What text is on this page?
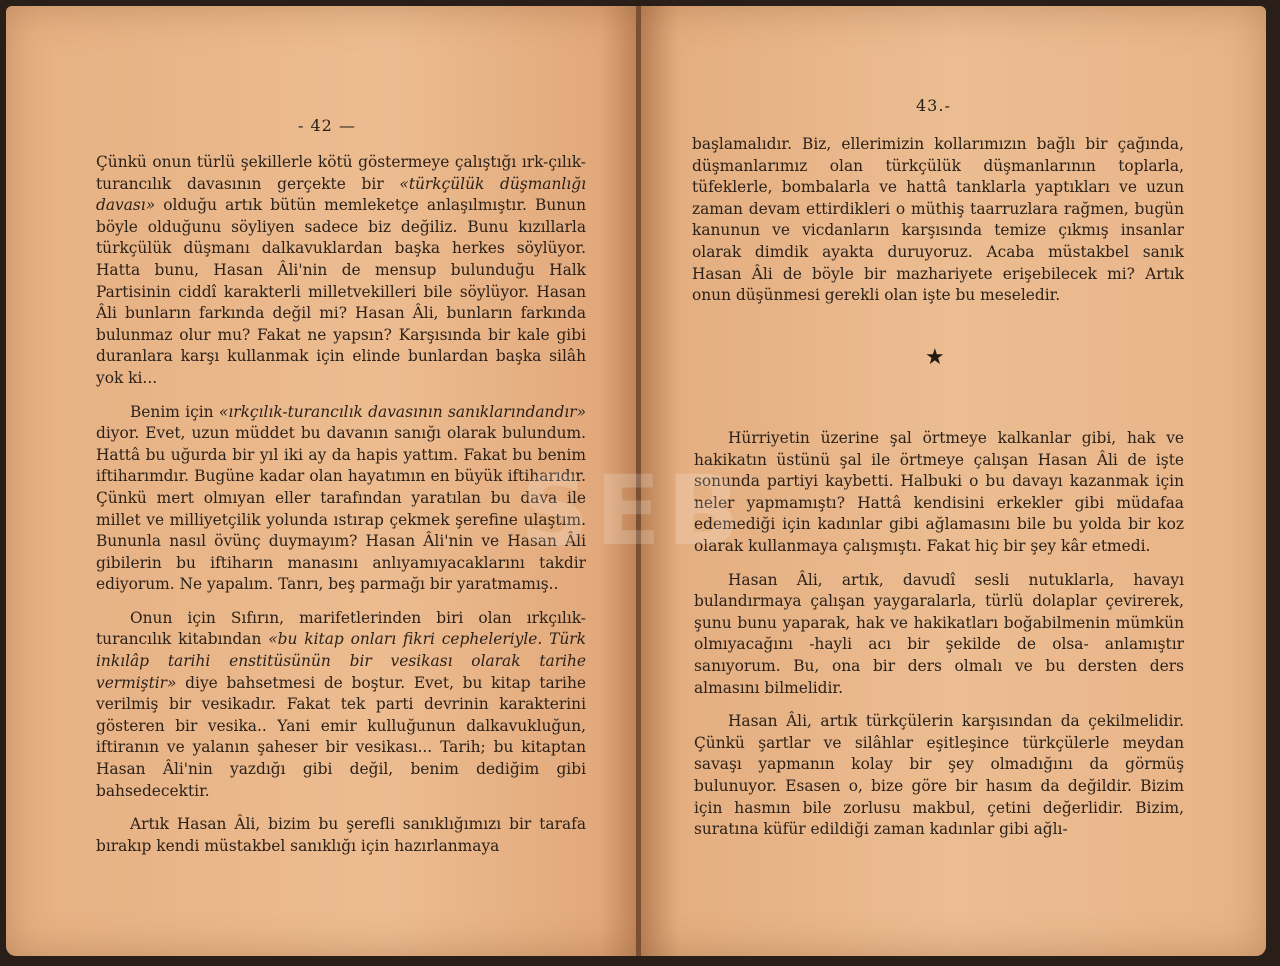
- 42 —

Çünkü onun türlü şekillerle kötü göstermeye çalıştığı ırk-çılık-turancılık davasının gerçekte bir «türkçülük düşmanlığı davası» olduğu artık bütün memleketçe anlaşılmıştır. Bunun böyle olduğunu söyliyen sadece biz değiliz. Bunu kızıllarla türkçülük düşmanı dalkavuklardan başka herkes söylüyor. Hatta bunu, Hasan Âli'nin de mensup bulunduğu Halk Partisinin ciddî karakterli milletvekilleri bile söylüyor. Hasan Âli bunların farkında değil mi? Hasan Âli, bunların farkında bulunmaz olur mu? Fakat ne yapsın? Karşısında bir kale gibi duranlara karşı kullanmak için elinde bunlardan başka silâh yok ki...

Benim için «ırkçılık-turancılık davasının sanıklarındandır» diyor. Evet, uzun müddet bu davanın sanığı olarak bulundum. Hattâ bu uğurda bir yıl iki ay da hapis yattım. Fakat bu benim iftiharımdır. Bugüne kadar olan hayatımın en büyük iftiharıdır. Çünkü mert olmıyan eller tarafından yaratılan bu dava ile millet ve milliyetçilik yolunda ıstırap çekmek şerefine ulaştım. Bununla nasıl övünç duymayım? Hasan Âli'nin ve Hasan Âli gibilerin bu iftiharın manasını anlıyamıyacaklarını takdir ediyorum. Ne yapalım. Tanrı, beş parmağı bir yaratmamış..

Onun için Sıfırın, marifetlerinden biri olan ırkçılık-turancılık kitabından «bu kitap onları fikri cepheleriyle. Türk inkılâp tarihi enstitüsünün bir vesikası olarak tarihe vermiştir» diye bahsetmesi de boştur. Evet, bu kitap tarihe verilmiş bir vesikadır. Fakat tek parti devrinin karakterini gösteren bir vesika.. Yani emir kulluğunun dalkavukluğun, iftiranın ve yalanın şaheser bir vesikası... Tarih; bu kitaptan Hasan Âli'nin yazdığı gibi değil, benim dediğim gibi bahsedecektir.

Artık Hasan Âli, bizim bu şerefli sanıklığımızı bir tarafa bırakıp kendi müstakbel sanıklığı için hazırlanmaya

43.-

başlamalıdır. Biz, ellerimizin kollarımızın bağlı bir çağında, düşmanlarımız olan türkçülük düşmanlarının toplarla, tüfeklerle, bombalarla ve hattâ tanklarla yaptıkları ve uzun zaman devam ettirdikleri o müthiş taarruzlara rağmen, bugün kanunun ve vicdanların karşısında temize çıkmış insanlar olarak dimdik ayakta duruyoruz. Acaba müstakbel sanık Hasan Âli de böyle bir mazhariyete erişebilecek mi? Artık onun düşünmesi gerekli olan işte bu meseledir.

★

Hürriyetin üzerine şal örtmeye kalkanlar gibi, hak ve hakikatın üstünü şal ile örtmeye çalışan Hasan Âli de işte sonunda partiyi kaybetti. Halbuki o bu davayı kazanmak için neler yapmamıştı? Hattâ kendisini erkekler gibi müdafaa edemediği için kadınlar gibi ağlamasını bile bu yolda bir koz olarak kullanmaya çalışmıştı. Fakat hiç bir şey kâr etmedi.

Hasan Âli, artık, davudî sesli nutuklarla, havayı bulandırmaya çalışan yaygaralarla, türlü dolaplar çevirerek, şunu bunu yaparak, hak ve hakikatları boğabilmenin mümkün olmıyacağını -hayli acı bir şekilde de olsa- anlamıştır sanıyorum. Bu, ona bir ders olmalı ve bu dersten ders almasını bilmelidir.

Hasan Âli, artık türkçülerin karşısından da çekilmelidir. Çünkü şartlar ve silâhlar eşitleşince türkçülerle meydan savaşı yapmanın kolay bir şey olmadığını da görmüş bulunuyor. Esasen o, bize göre bir hasım da değildir. Bizim için hasmın bile zorlusu makbul, çetini değerlidir. Bizim, suratına küfür edildiği zaman kadınlar gibi ağlı-

SEB
